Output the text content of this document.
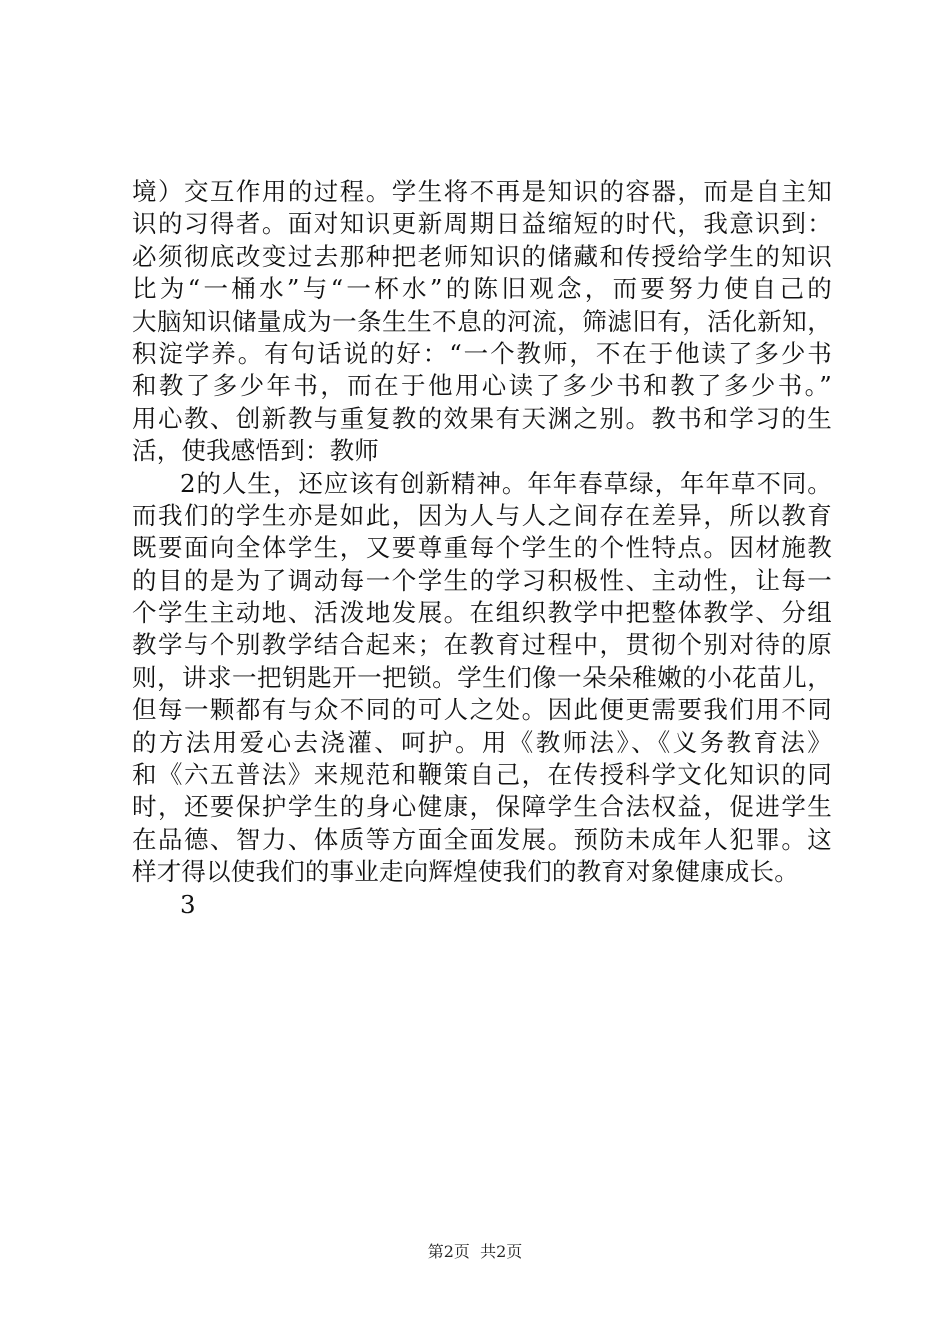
境）交互作用的过程。学生将不再是知识的容器，而是自主知
识的习得者。面对知识更新周期日益缩短的时代，我意识到：
必须彻底改变过去那种把老师知识的储藏和传授给学生的知识
比为“一桶水”与“一杯水”的陈旧观念，而要努力使自己的
大脑知识储量成为一条生生不息的河流，筛滤旧有，活化新知，
积淀学养。有句话说的好：“一个教师，不在于他读了多少书
和教了多少年书，而在于他用心读了多少书和教了多少书。”
用心教、创新教与重复教的效果有天渊之别。教书和学习的生
活，使我感悟到：教师
2的人生，还应该有创新精神。年年春草绿，年年草不同。
而我们的学生亦是如此，因为人与人之间存在差异，所以教育
既要面向全体学生，又要尊重每个学生的个性特点。因材施教
的目的是为了调动每一个学生的学习积极性、主动性，让每一
个学生主动地、活泼地发展。在组织教学中把整体教学、分组
教学与个别教学结合起来；在教育过程中，贯彻个别对待的原
则，讲求一把钥匙开一把锁。学生们像一朵朵稚嫩的小花苗儿，
但每一颗都有与众不同的可人之处。因此便更需要我们用不同
的方法用爱心去浇灌、呵护。用《教师法》、《义务教育法》
和《六五普法》来规范和鞭策自己，在传授科学文化知识的同
时，还要保护学生的身心健康，保障学生合法权益，促进学生
在品德、智力、体质等方面全面发展。预防未成年人犯罪。这
样才得以使我们的事业走向辉煌使我们的教育对象健康成长。
3
第2页  共2页
